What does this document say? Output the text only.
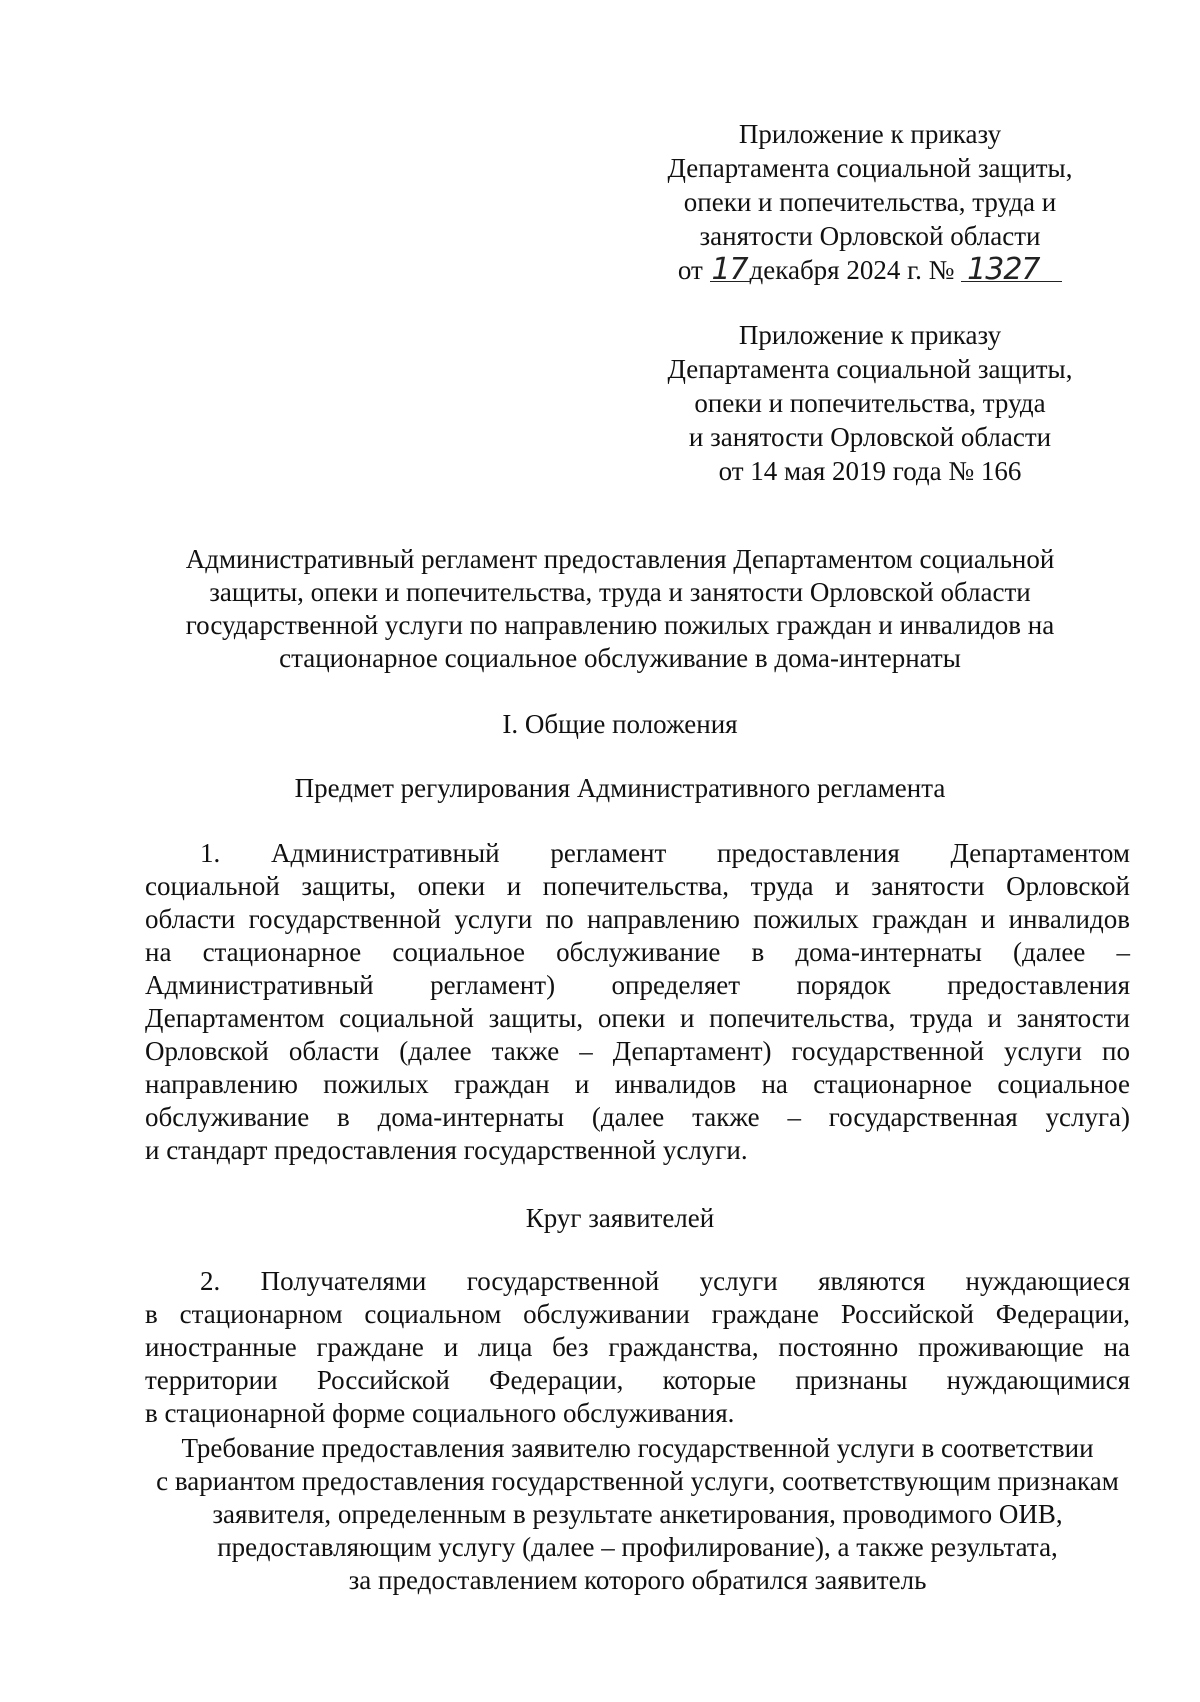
Приложение к приказу
Департамента социальной защиты,
опеки и попечительства, труда и
занятости Орловской области
от 17декабря 2024 г. № 1327
Приложение к приказу
Департамента социальной защиты,
опеки и попечительства, труда
и занятости Орловской области
от 14 мая 2019 года № 166
Административный регламент предоставления Департаментом социальной
защиты, опеки и попечительства, труда и занятости Орловской области
государственной услуги по направлению пожилых граждан и инвалидов на
стационарное социальное обслуживание в дома-интернаты
I. Общие положения
Предмет регулирования Административного регламента
1. Административный регламент предоставления Департаментом
социальной защиты, опеки и попечительства, труда и занятости Орловской
области государственной услуги по направлению пожилых граждан и инвалидов
на стационарное социальное обслуживание в дома-интернаты (далее –
Административный регламент) определяет порядок предоставления
Департаментом социальной защиты, опеки и попечительства, труда и занятости
Орловской области (далее также – Департамент) государственной услуги по
направлению пожилых граждан и инвалидов на стационарное социальное
обслуживание в дома-интернаты (далее также – государственная услуга)
и стандарт предоставления государственной услуги.
Круг заявителей
2. Получателями государственной услуги являются нуждающиеся
в стационарном социальном обслуживании граждане Российской Федерации,
иностранные граждане и лица без гражданства, постоянно проживающие на
территории Российской Федерации, которые признаны нуждающимися
в стационарной форме социального обслуживания.
Требование предоставления заявителю государственной услуги в соответствии
с вариантом предоставления государственной услуги, соответствующим признакам
заявителя, определенным в результате анкетирования, проводимого ОИВ,
предоставляющим услугу (далее – профилирование), а также результата,
за предоставлением которого обратился заявитель
